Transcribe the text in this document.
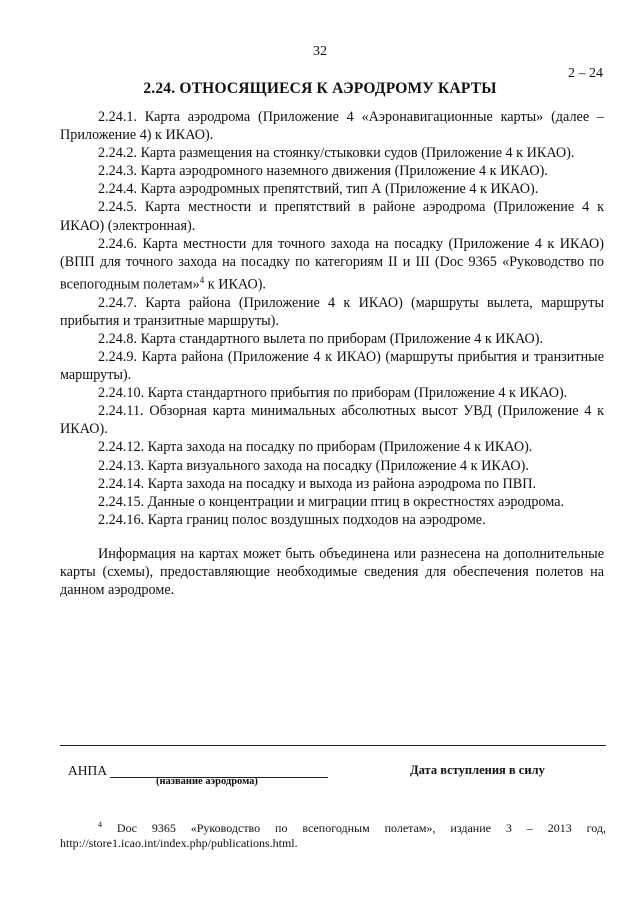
32
2 – 24
2.24. ОТНОСЯЩИЕСЯ К АЭРОДРОМУ КАРТЫ

2.24.1. Карта аэродрома (Приложение 4 «Аэронавигационные карты» (далее – Приложение 4) к ИКАО).

2.24.2. Карта размещения на стоянку/стыковки судов (Приложение 4 к ИКАО).

2.24.3. Карта аэродромного наземного движения (Приложение 4 к ИКАО).

2.24.4. Карта аэродромных препятствий, тип А (Приложение 4 к ИКАО).

2.24.5. Карта местности и препятствий в районе аэродрома (Приложение 4 к ИКАО) (электронная).

2.24.6. Карта местности для точного захода на посадку (Приложение 4 к ИКАО) (ВПП для точного захода на посадку по категориям II и III (Doc 9365 «Руководство по всепогодным полетам»$^4$ к ИКАО).

2.24.7. Карта района (Приложение 4 к ИКАО) (маршруты вылета, маршруты прибытия и транзитные маршруты).

2.24.8. Карта стандартного вылета по приборам (Приложение 4 к ИКАО).

2.24.9. Карта района (Приложение 4 к ИКАО) (маршруты прибытия и транзитные маршруты).

2.24.10. Карта стандартного прибытия по приборам (Приложение 4 к ИКАО).

2.24.11. Обзорная карта минимальных абсолютных высот УВД (Приложение 4 к ИКАО).

2.24.12. Карта захода на посадку по приборам (Приложение 4 к ИКАО).

2.24.13. Карта визуального захода на посадку (Приложение 4 к ИКАО).

2.24.14. Карта захода на посадку и выхода из района аэродрома по ПВП.

2.24.15. Данные о концентрации и миграции птиц в окрестностях аэродрома.

2.24.16. Карта границ полос воздушных подходов на аэродроме.

Информация на картах может быть объединена или разнесена на дополнительные карты (схемы), предоставляющие необходимые сведения для обеспечения полетов на данном аэродроме.

АНПА
(название аэродрома)
Дата вступления в силу

$^4$ Doc 9365 «Руководство по всепогодным полетам», издание 3 – 2013 год, http://store1.icao.int/index.php/publications.html.
